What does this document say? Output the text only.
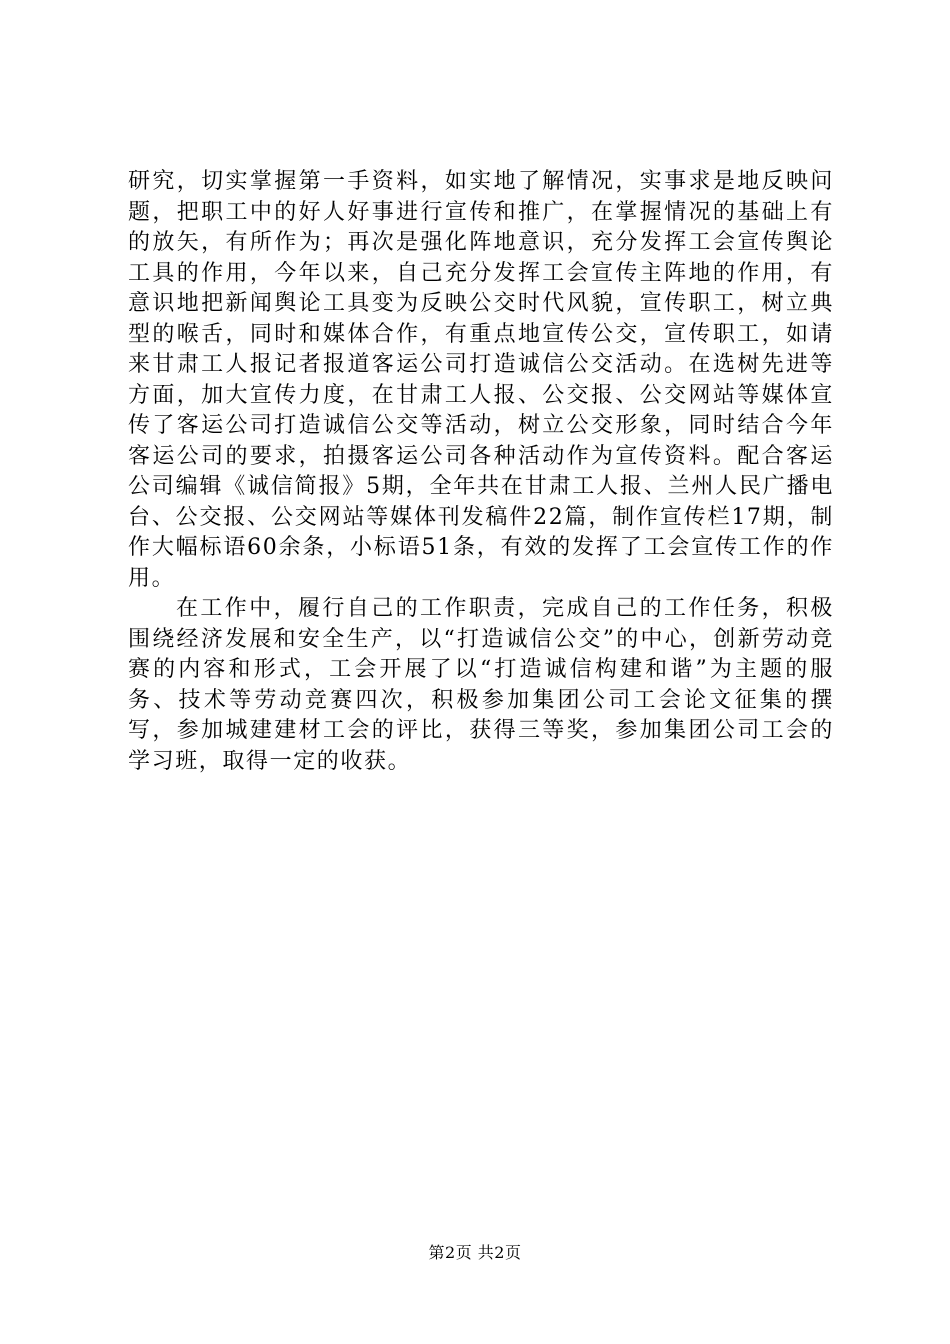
研究，切实掌握第一手资料，如实地了解情况，实事求是地反映问题，把职工中的好人好事进行宣传和推广，在掌握情况的基础上有的放矢，有所作为；再次是强化阵地意识，充分发挥工会宣传舆论工具的作用，今年以来，自己充分发挥工会宣传主阵地的作用，有意识地把新闻舆论工具变为反映公交时代风貌，宣传职工，树立典型的喉舌，同时和媒体合作，有重点地宣传公交，宣传职工，如请来甘肃工人报记者报道客运公司打造诚信公交活动。在选树先进等方面，加大宣传力度，在甘肃工人报、公交报、公交网站等媒体宣传了客运公司打造诚信公交等活动，树立公交形象，同时结合今年客运公司的要求，拍摄客运公司各种活动作为宣传资料。配合客运公司编辑《诚信简报》5期，全年共在甘肃工人报、兰州人民广播电台、公交报、公交网站等媒体刊发稿件22篇，制作宣传栏17期，制作大幅标语60余条，小标语51条，有效的发挥了工会宣传工作的作用。

在工作中，履行自己的工作职责，完成自己的工作任务，积极围绕经济发展和安全生产，以“打造诚信公交”的中心，创新劳动竞赛的内容和形式，工会开展了以“打造诚信构建和谐”为主题的服务、技术等劳动竞赛四次，积极参加集团公司工会论文征集的撰写，参加城建建材工会的评比，获得三等奖，参加集团公司工会的学习班，取得一定的收获。

第2页 共2页
